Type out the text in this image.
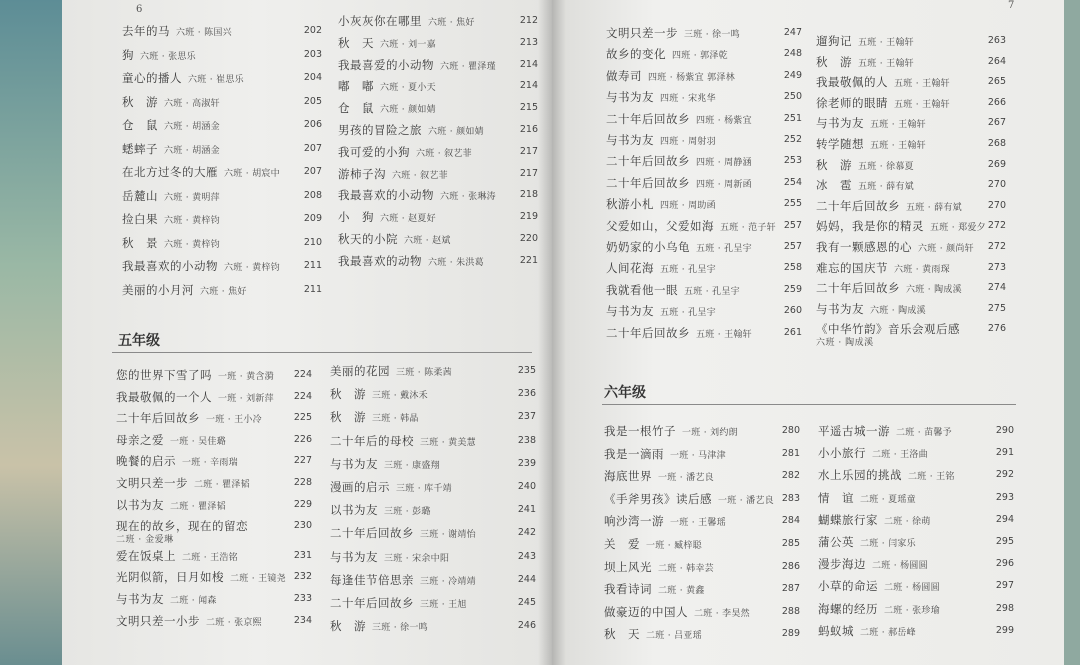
6
去年的马 六班 · 陈国兴	202
狗 六班 · 张思乐	203
童心的播人 六班 · 崔思乐	204
秋　游 六班 · 高淑轩	205
仓　鼠 六班 · 胡涵金	206
蟋蟀子 六班 · 胡涵金	207
在北方过冬的大雁 六班 · 胡宸中	207
岳麓山 六班 · 黄明萍	208
捡白果 六班 · 黄梓钧	209
秋　景 六班 · 黄梓钧	210
我最喜欢的小动物 六班 · 黄梓钧	211
美丽的小月河 六班 · 焦好	211
小灰灰你在哪里 六班 · 焦好	212
秋　天 六班 · 刘一嘉	213
我最喜爱的小动物 六班 · 瞿泽瑾	214
嘟　嘟 六班 · 夏小天	214
仓　鼠 六班 · 颜如婧	215
男孩的冒险之旅 六班 · 颜如婧	216
我可爱的小狗 六班 · 叙艺菲	217
游柿子沟 六班 · 叙艺菲	217
我最喜欢的小动物 六班 · 张琳涛	218
小　狗 六班 · 赵夏好	219
秋天的小院 六班 · 赵斌	220
我最喜欢的动物 六班 · 朱洪葛	221
五年级
您的世界下雪了吗 一班 · 黄含漪 224
我最敬佩的一个人 一班 · 刘新萍 224
二十年后回故乡 一班 · 王小冷	225
母亲之爱 一班 · 吴佳璐	226
晚餐的启示 一班 · 辛雨瑞	227
文明只差一步 二班 · 瞿泽韬	228
以书为友 二班 · 瞿泽韬	229
现在的故乡，现在的留恋
二班 · 金爱琳
230
爱在饭桌上 二班 · 王浩铭	231
光阴似箭，日月如梭 二班 · 王镜尧 232
与书为友 二班 · 闻森	233
文明只差一小步 二班 · 张京熙	234
美丽的花园 三班 · 陈柔茜	235
秋　游 三班 · 戴沐禾	236
秋　游 三班 · 韩晶	237
二十年后的母校 三班 · 黄美慧	238
与书为友 三班 · 康盛翔	239
漫画的启示 三班 · 库千靖	240
以书为友 三班 · 彭璐	241
二十年后回故乡 三班 · 谢靖怡	242
与书为友 三班 · 宋余中阳	243
每逢佳节倍思亲 三班 · 冷靖靖	244
二十年后回故乡 三班 · 王旭	245
秋　游 三班 · 徐一鸣	246
7
文明只差一步 三班 · 徐一鸣	247
故乡的变化 四班 · 郭泽乾	248
做寿司 四班 · 杨紫宜 郭泽林	249
与书为友 四班 · 宋兆华	250
二十年后回故乡 四班 · 杨紫宜	251
与书为友 四班 · 周射羽	252
二十年后回故乡 四班 · 周静涵	253
二十年后回故乡 四班 · 周新函	254
秋游小札 四班 · 周助函	255
父爱如山，父爱如海 五班 · 范子轩 257
奶奶家的小乌龟 五班 · 孔呈宇	257
人间花海 五班 · 孔呈宇	258
我就看他一眼 五班 · 孔呈宇	259
与书为友 五班 · 孔呈宇	260
二十年后回故乡 五班 · 王翰轩	261
遛狗记 五班 · 王翰轩	263
秋　游 五班 · 王翰轩	264
我最敬佩的人 五班 · 王翰轩	265
徐老师的眼睛 五班 · 王翰轩	266
与书为友 五班 · 王翰轩	267
转学随想 五班 · 王翰轩	268
秋　游 五班 · 徐慕夏	269
冰　雹 五班 · 薛有斌	270
二十年后回故乡 五班 · 薛有斌	270
妈妈，我是你的精灵 五班 · 郑爱夕 272
我有一颗感恩的心 六班 · 颜尚轩 272
难忘的国庆节 六班 · 黄雨琛	273
二十年后回故乡 六班 · 陶成溪	274
与书为友 六班 · 陶成溪	275
《中华竹韵》音乐会观后感
六班 · 陶成溪
276
六年级
我是一根竹子 一班 · 刘约朗	280
我是一滴雨 一班 · 马津津	281
海底世界 一班 · 潘艺良	282
《手斧男孩》读后感 一班 · 潘艺良 283
响沙湾一游 一班 · 王馨瑶	284
关　爱 一班 · 臧梓聪	285
坝上风光 二班 · 韩幸芸	286
我看诗词 二班 · 黄鑫	287
做豪迈的中国人 二班 · 李昊然	288
秋　天 二班 · 吕亚瑶	289
平遥古城一游 二班 · 苗馨予	290
小小旅行 二班 · 王洛曲	291
水上乐园的挑战 二班 · 王铭	292
情　谊 二班 · 夏瑶童	293
蝴蝶旅行家 二班 · 徐萌	294
蒲公英 二班 · 闫家乐	295
漫步海边 二班 · 杨圆圆	296
小草的命运 二班 · 杨圆圆	297
海螺的经历 二班 · 张珍瑜	298
蚂蚁城 二班 · 郝岳峰	299
